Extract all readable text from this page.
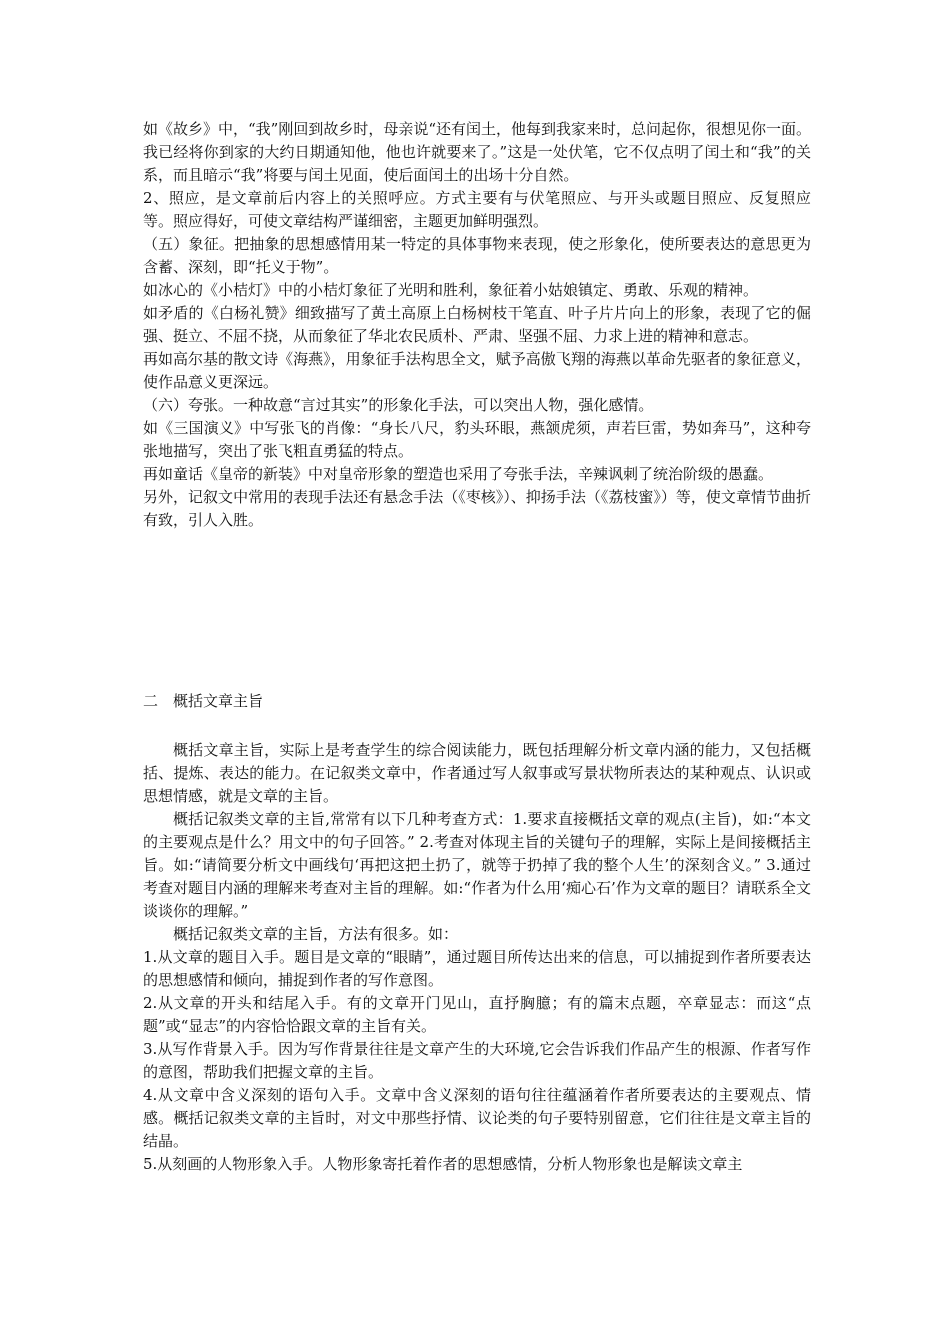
如《故乡》中，“我”刚回到故乡时，母亲说“还有闰土，他每到我家来时，总问起你，很想见你一面。我已经将你到家的大约日期通知他，他也许就要来了。”这是一处伏笔，它不仅点明了闰土和“我”的关系，而且暗示“我”将要与闰土见面，使后面闰土的出场十分自然。

2、照应，是文章前后内容上的关照呼应。方式主要有与伏笔照应、与开头或题目照应、反复照应等。照应得好，可使文章结构严谨细密，主题更加鲜明强烈。

（五）象征。把抽象的思想感情用某一特定的具体事物来表现，使之形象化，使所要表达的意思更为含蓄、深刻，即“托义于物”。

如冰心的《小桔灯》中的小桔灯象征了光明和胜利，象征着小姑娘镇定、勇敢、乐观的精神。

如矛盾的《白杨礼赞》细致描写了黄土高原上白杨树枝干笔直、叶子片片向上的形象，表现了它的倔强、挺立、不屈不挠，从而象征了华北农民质朴、严肃、坚强不屈、力求上进的精神和意志。

再如高尔基的散文诗《海燕》，用象征手法构思全文，赋予高傲飞翔的海燕以革命先驱者的象征意义，使作品意义更深远。

（六）夸张。一种故意“言过其实”的形象化手法，可以突出人物，强化感情。

如《三国演义》中写张飞的肖像：“身长八尺，豹头环眼，燕颔虎须，声若巨雷，势如奔马”，这种夸张地描写，突出了张飞粗直勇猛的特点。

再如童话《皇帝的新装》中对皇帝形象的塑造也采用了夸张手法，辛辣讽刺了统治阶级的愚蠢。

另外，记叙文中常用的表现手法还有悬念手法（《枣核》）、抑扬手法（《荔枝蜜》）等，使文章情节曲折有致，引人入胜。

二　概括文章主旨

概括文章主旨，实际上是考查学生的综合阅读能力，既包括理解分析文章内涵的能力，又包括概括、提炼、表达的能力。在记叙类文章中，作者通过写人叙事或写景状物所表达的某种观点、认识或思想情感，就是文章的主旨。

概括记叙类文章的主旨,常常有以下几种考查方式：1.要求直接概括文章的观点(主旨)，如:“本文的主要观点是什么？用文中的句子回答。” 2.考查对体现主旨的关键句子的理解，实际上是间接概括主旨。如:“请简要分析文中画线句‘再把这把土扔了，就等于扔掉了我的整个人生’的深刻含义。” 3.通过考查对题目内涵的理解来考查对主旨的理解。如:“作者为什么用‘痴心石’作为文章的题目？请联系全文谈谈你的理解。”

概括记叙类文章的主旨，方法有很多。如：

1.从文章的题目入手。题目是文章的“眼睛”，通过题目所传达出来的信息，可以捕捉到作者所要表达的思想感情和倾向，捕捉到作者的写作意图。

2.从文章的开头和结尾入手。有的文章开门见山，直抒胸臆；有的篇末点题，卒章显志：而这“点题”或“显志”的内容恰恰跟文章的主旨有关。

3.从写作背景入手。因为写作背景往往是文章产生的大环境,它会告诉我们作品产生的根源、作者写作的意图，帮助我们把握文章的主旨。

4.从文章中含义深刻的语句入手。文章中含义深刻的语句往往蕴涵着作者所要表达的主要观点、情感。概括记叙类文章的主旨时，对文中那些抒情、议论类的句子要特别留意，它们往往是文章主旨的结晶。

5.从刻画的人物形象入手。人物形象寄托着作者的思想感情，分析人物形象也是解读文章主
